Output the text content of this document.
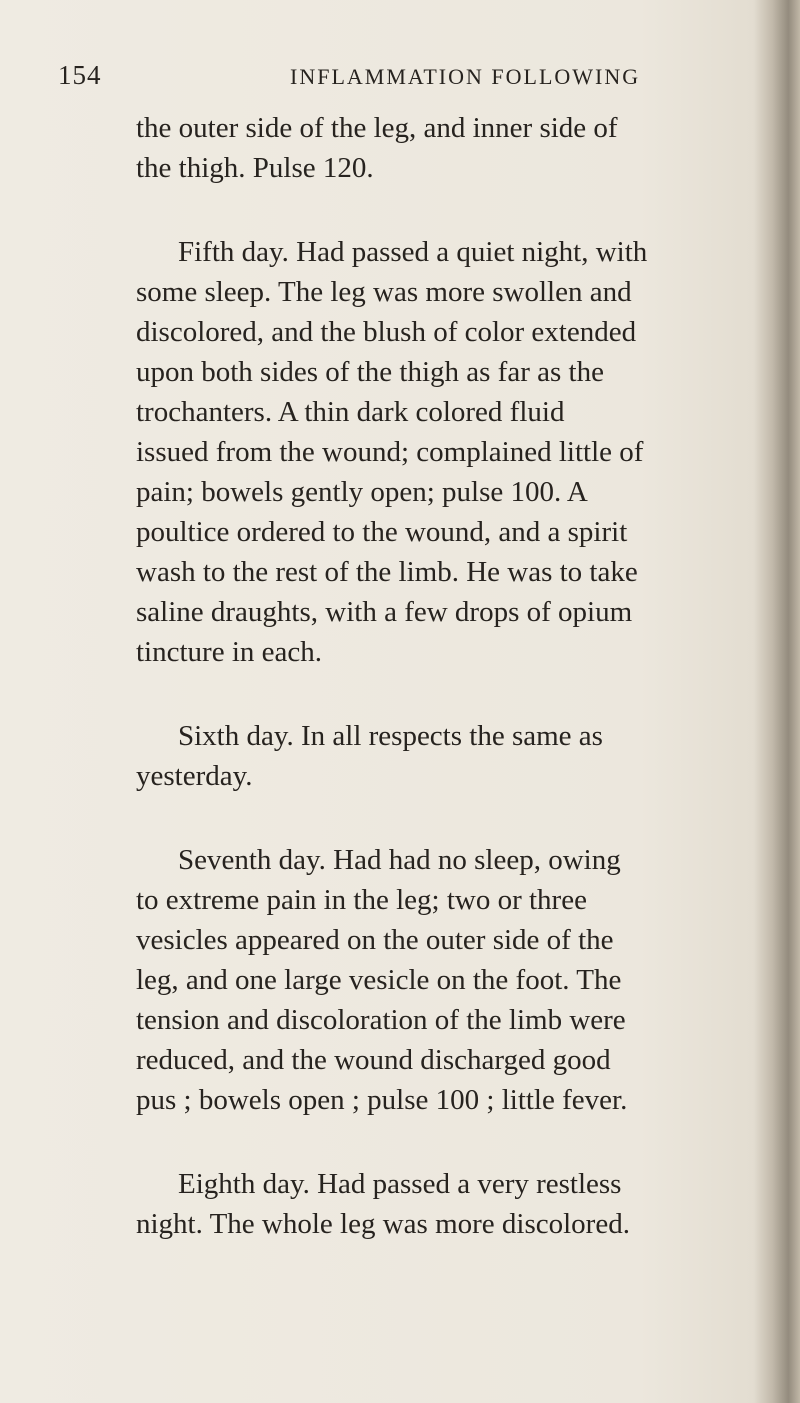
154	INFLAMMATION FOLLOWING

the outer side of the leg, and inner side of
the thigh. Pulse 120.

Fifth day. Had passed a quiet night, with
some sleep. The leg was more swollen and
discolored, and the blush of color extended
upon both sides of the thigh as far as the
trochanters. A thin dark colored fluid
issued from the wound; complained little of
pain; bowels gently open; pulse 100. A
poultice ordered to the wound, and a spirit
wash to the rest of the limb. He was to take
saline draughts, with a few drops of opium
tincture in each.

Sixth day. In all respects the same as
yesterday.

Seventh day. Had had no sleep, owing
to extreme pain in the leg; two or three
vesicles appeared on the outer side of the
leg, and one large vesicle on the foot. The
tension and discoloration of the limb were
reduced, and the wound discharged good
pus ; bowels open ; pulse 100 ; little fever.

Eighth day. Had passed a very restless
night. The whole leg was more discolored.
